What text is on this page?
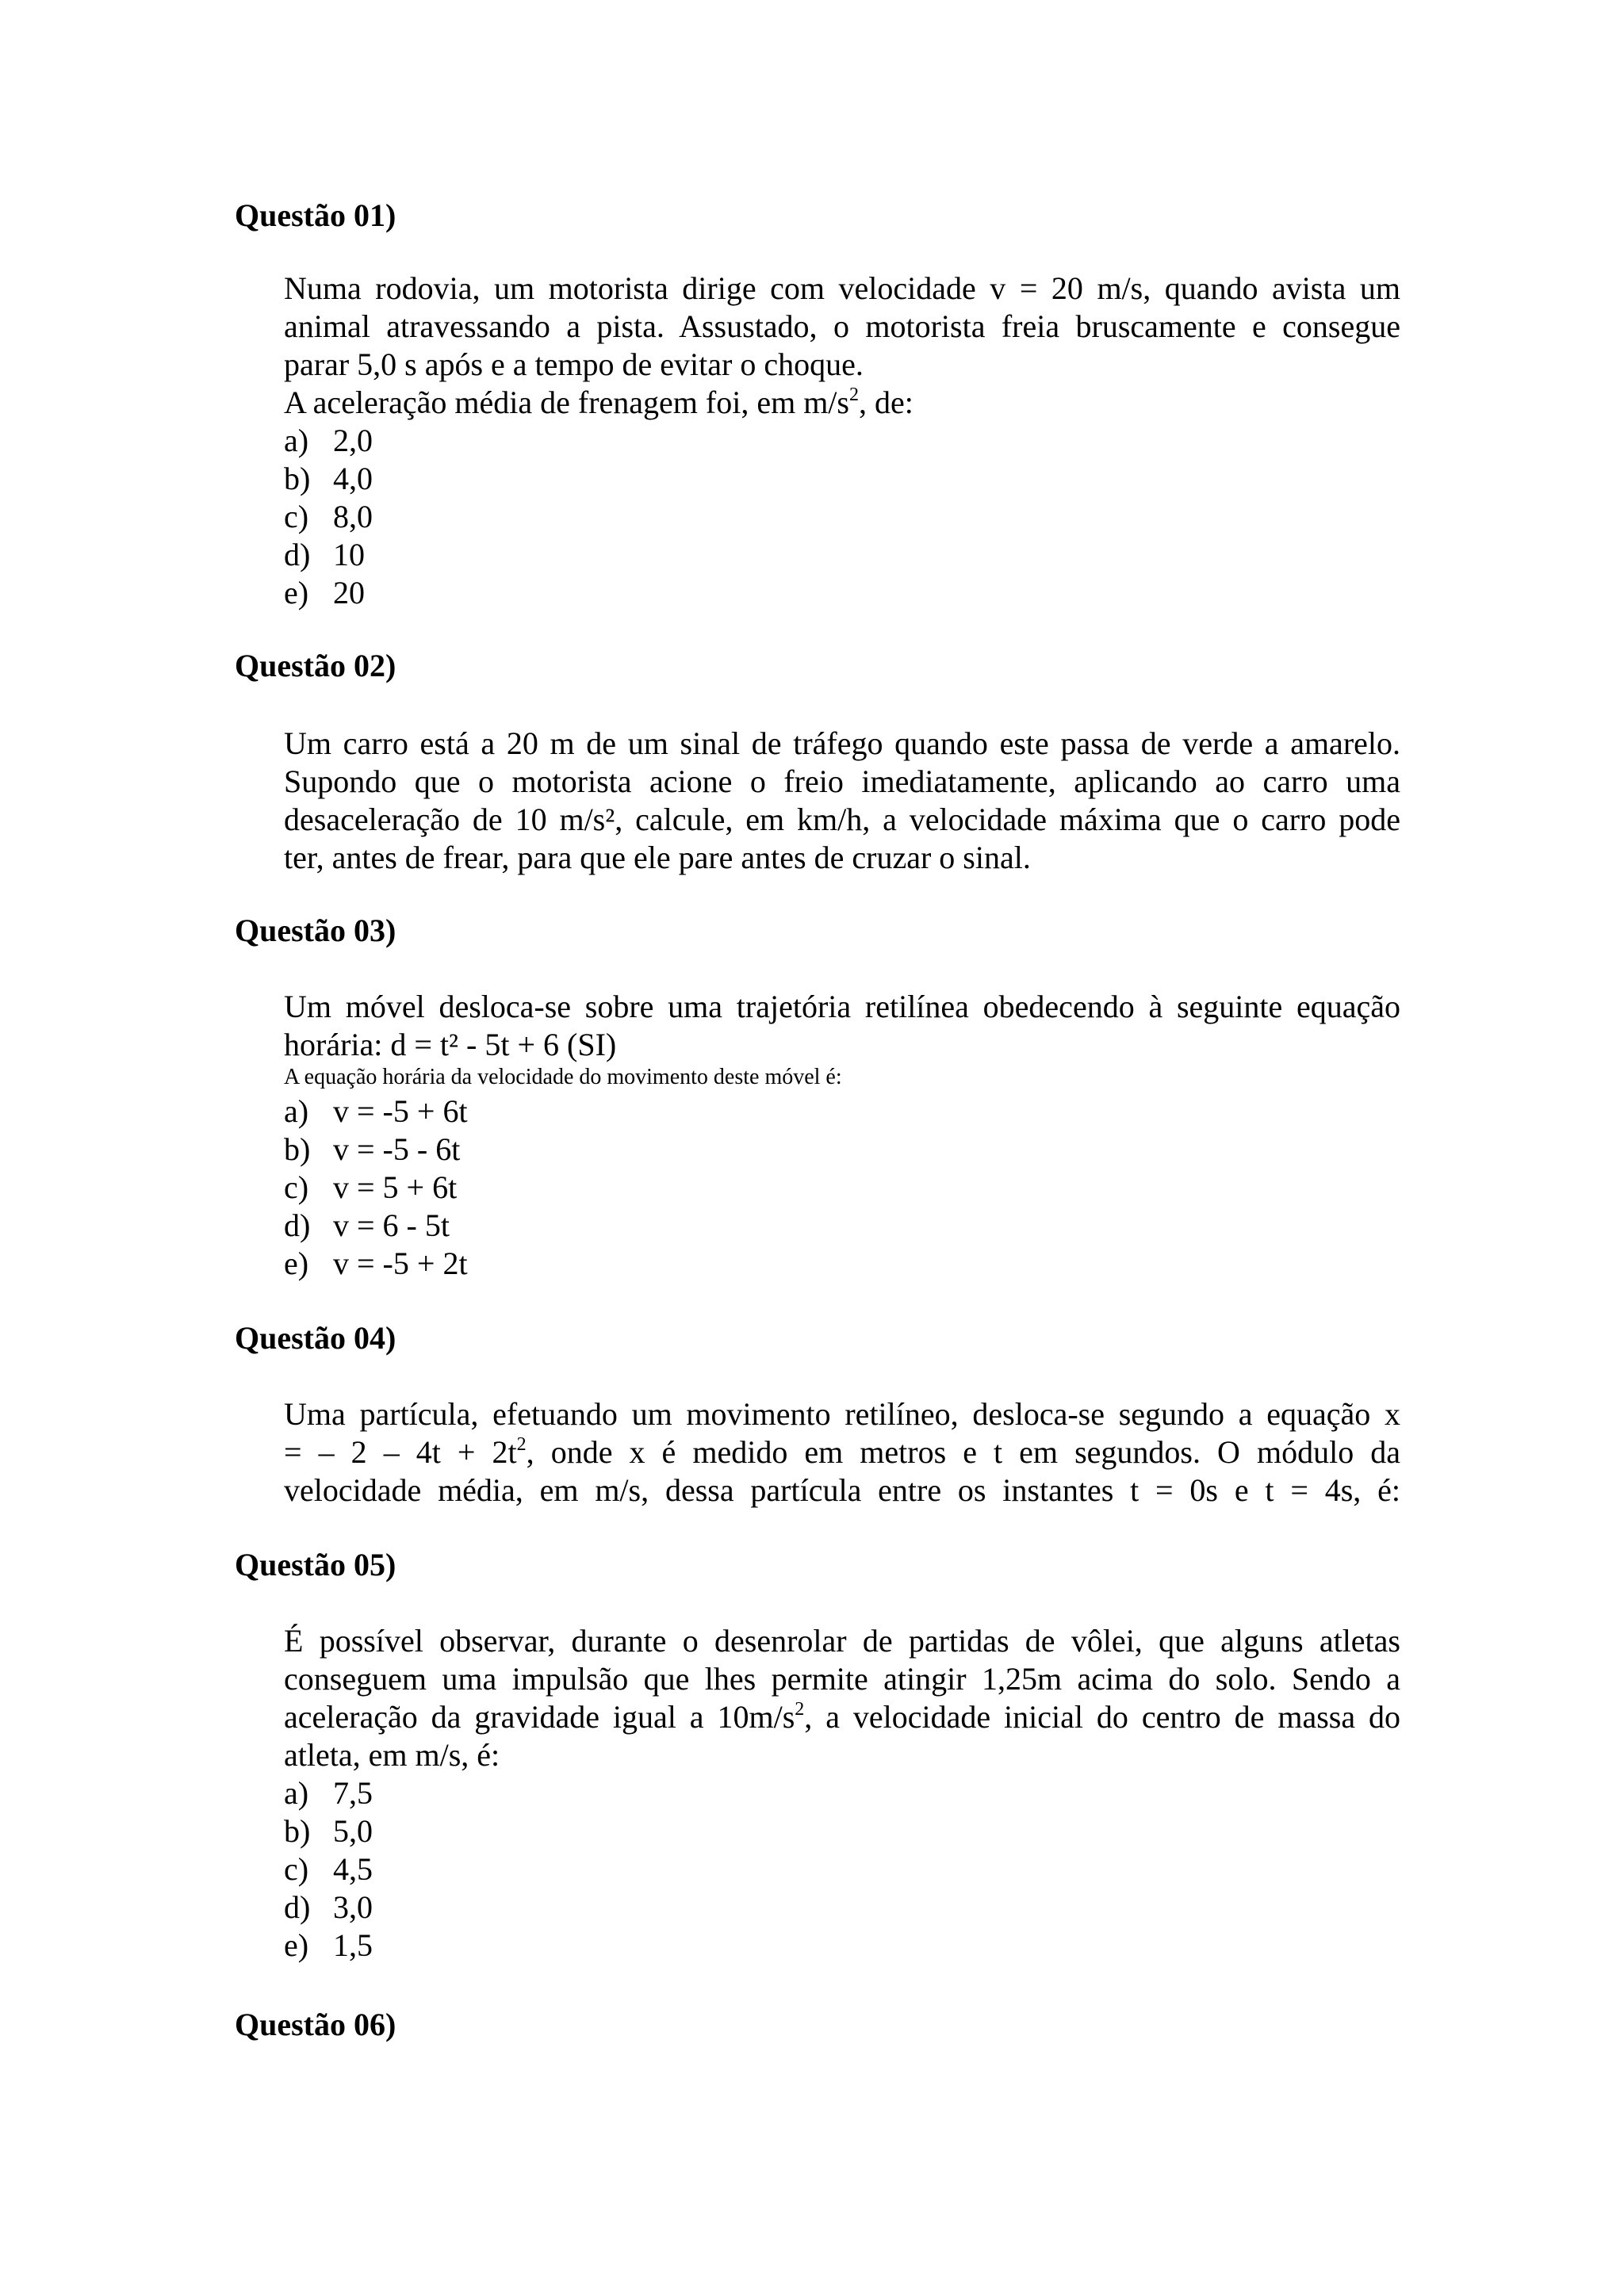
Questão 01)
Numa rodovia, um motorista dirige com velocidade v = 20 m/s, quando avista um
animal atravessando a pista. Assustado, o motorista freia bruscamente e consegue
parar 5,0 s após e a tempo de evitar o choque.
A aceleração média de frenagem foi, em $m/s^2$, de:
a) 2,0
b) 4,0
c) 8,0
d) 10
e) 20
Questão 02)
Um carro está a 20 m de um sinal de tráfego quando este passa de verde a amarelo.
Supondo que o motorista acione o freio imediatamente, aplicando ao carro uma
desaceleração de 10 m/s², calcule, em km/h, a velocidade máxima que o carro pode
ter, antes de frear, para que ele pare antes de cruzar o sinal.
Questão 03)
Um móvel desloca-se sobre uma trajetória retilínea obedecendo à seguinte equação
horária: d = t² - 5t + 6 (SI)
A equação horária da velocidade do movimento deste móvel é:
a) v = -5 + 6t
b) v = -5 - 6t
c) v = 5 + 6t
d) v = 6 - 5t
e) v = -5 + 2t
Questão 04)
Uma partícula, efetuando um movimento retilíneo, desloca-se segundo a equação x
= – $2 - 4t + 2t^2$, onde x é medido em metros e t em segundos. O módulo da
velocidade média, em m/s, dessa partícula entre os instantes t = 0s e t = 4s, é:
Questão 05)
É possível observar, durante o desenrolar de partidas de vôlei, que alguns atletas
conseguem uma impulsão que lhes permite atingir 1,25m acima do solo. Sendo a
aceleração da gravidade igual a $10m/s^2$, a velocidade inicial do centro de massa do
atleta, em m/s, é:
a) 7,5
b) 5,0
c) 4,5
d) 3,0
e) 1,5
Questão 06)
